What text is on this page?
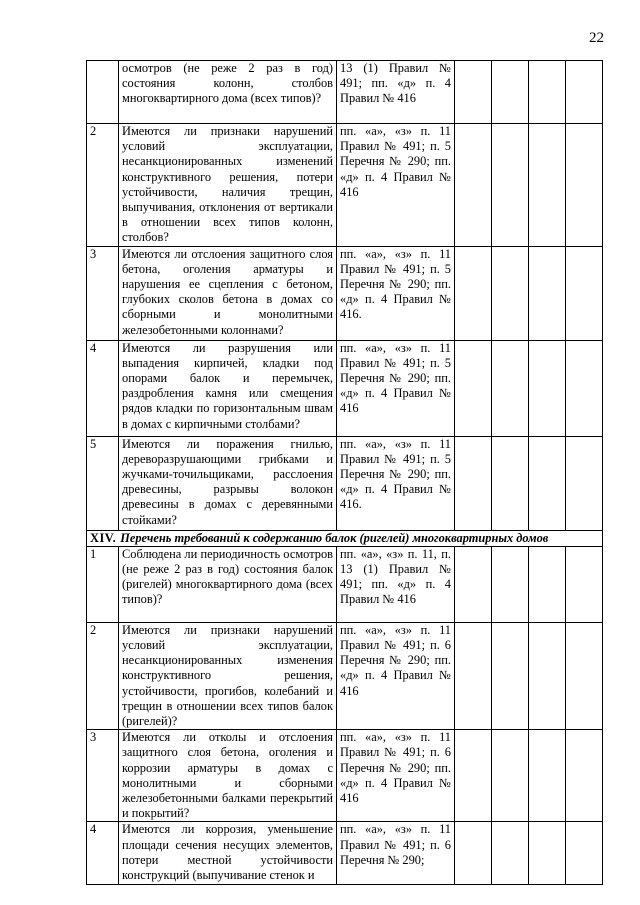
22
	осмотров (не реже 2 раз в год) состояния колонн, столбов многоквартирного дома (всех типов)?	13 (1) Правил № 491; пп. «д» п. 4 Правил № 416				
2	Имеются ли признаки нарушений условий эксплуатации, несанкционированных изменений конструктивного решения, потери устойчивости, наличия трещин, выпучивания, отклонения от вертикали в отношении всех типов колонн, столбов?	пп. «а», «з» п. 11 Правил № 491; п. 5 Перечня № 290; пп. «д» п. 4 Правил № 416				
3	Имеются ли отслоения защитного слоя бетона, оголения арматуры и нарушения ее сцепления с бетоном, глубоких сколов бетона в домах со сборными и монолитными железобетонными колоннами?	пп. «а», «з» п. 11 Правил № 491; п. 5 Перечня № 290; пп. «д» п. 4 Правил № 416.				
4	Имеются ли разрушения или выпадения кирпичей, кладки под опорами балок и перемычек, раздробления камня или смещения рядов кладки по горизонтальным швам в домах с кирпичными столбами?	пп. «а», «з» п. 11 Правил № 491; п. 5 Перечня № 290; пп. «д» п. 4 Правил № 416				
5	Имеются ли поражения гнилью, дереворазрушающими грибками и жучками-точильщиками, расслоения древесины, разрывы волокон древесины в домах с деревянными стойками?	пп. «а», «з» п. 11 Правил № 491; п. 5 Перечня № 290; пп. «д» п. 4 Правил № 416.				
XIV. Перечень требований к содержанию балок (ригелей) многоквартирных домов						
1	Соблюдена ли периодичность осмотров (не реже 2 раз в год) состояния балок (ригелей) многоквартирного дома (всех типов)?	пп. «а», «з» п. 11, п. 13 (1) Правил № 491; пп. «д» п. 4 Правил № 416				
2	Имеются ли признаки нарушений условий эксплуатации, несанкционированных изменения конструктивного решения, устойчивости, прогибов, колебаний и трещин в отношении всех типов балок (ригелей)?	пп. «а», «з» п. 11 Правил № 491; п. 6 Перечня № 290; пп. «д» п. 4 Правил № 416				
3	Имеются ли отколы и отслоения защитного слоя бетона, оголения и коррозии арматуры в домах с монолитными и сборными железобетонными балками перекрытий и покрытий?	пп. «а», «з» п. 11 Правил № 491; п. 6 Перечня № 290; пп. «д» п. 4 Правил № 416				
4	Имеются ли коррозия, уменьшение площади сечения несущих элементов, потери местной устойчивости конструкций (выпучивание стенок и	пп. «а», «з» п. 11 Правил № 491; п. 6 Перечня № 290;				
